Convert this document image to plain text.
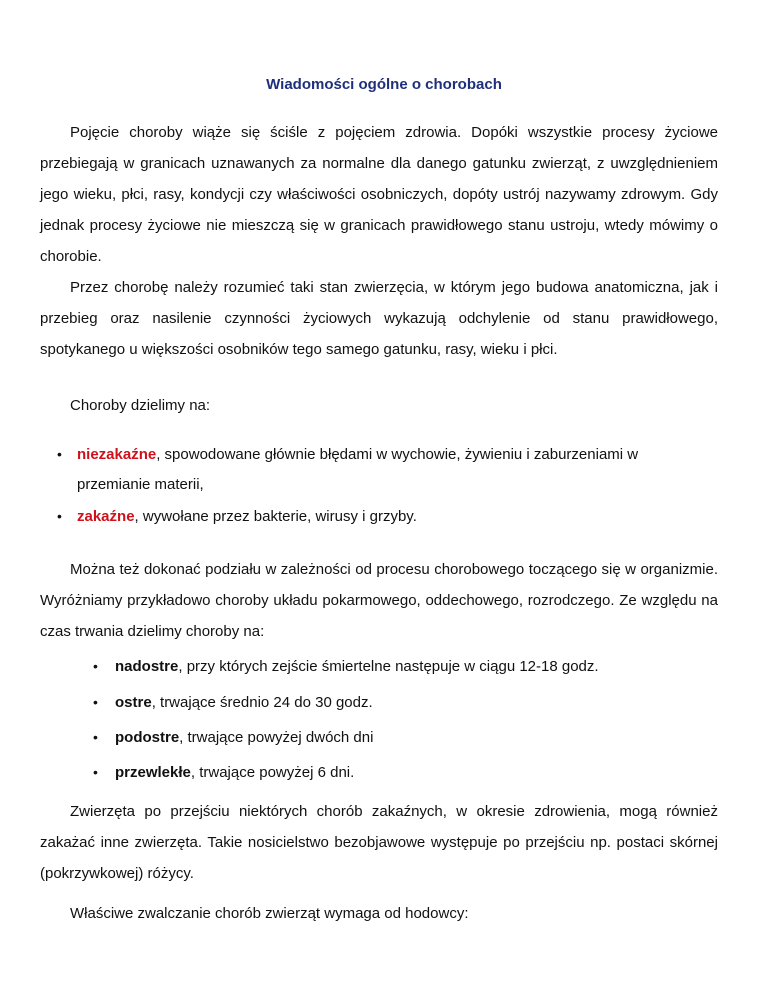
Wiadomości ogólne o chorobach

Pojęcie choroby wiąże się ściśle z pojęciem zdrowia. Dopóki wszystkie procesy życiowe przebiegają w granicach uznawanych za normalne dla danego gatunku zwierząt, z uwzględnieniem jego wieku, płci, rasy, kondycji czy właściwości osobniczych, dopóty ustrój nazywamy zdrowym. Gdy jednak procesy życiowe nie mieszczą się w granicach prawidłowego stanu ustroju, wtedy mówimy o chorobie.

Przez chorobę należy rozumieć taki stan zwierzęcia, w którym jego budowa anatomiczna, jak i przebieg oraz nasilenie czynności życiowych wykazują odchylenie od stanu prawidłowego, spotykanego u większości osobników tego samego gatunku, rasy, wieku i płci.

Choroby dzielimy na:
• niezakaźne, spowodowane głównie błędami w wychowie, żywieniu i zaburzeniami w
przemianie materii,
• zakaźne, wywołane przez bakterie, wirusy i grzyby.

Można też dokonać podziału w zależności od procesu chorobowego toczącego się w organizmie. Wyróżniamy przykładowo choroby układu pokarmowego, oddechowego, rozrodczego. Ze względu na czas trwania dzielimy choroby na:

• nadostre, przy których zejście śmiertelne następuje w ciągu 12-18 godz.
• ostre, trwające średnio 24 do 30 godz.
• podostre, trwające powyżej dwóch dni
• przewlekłe, trwające powyżej 6 dni.

Zwierzęta po przejściu niektórych chorób zakaźnych, w okresie zdrowienia, mogą również zakażać inne zwierzęta. Takie nosicielstwo bezobjawowe występuje po przejściu np. postaci skórnej (pokrzywkowej) różycy.

Właściwe zwalczanie chorób zwierząt wymaga od hodowcy:
